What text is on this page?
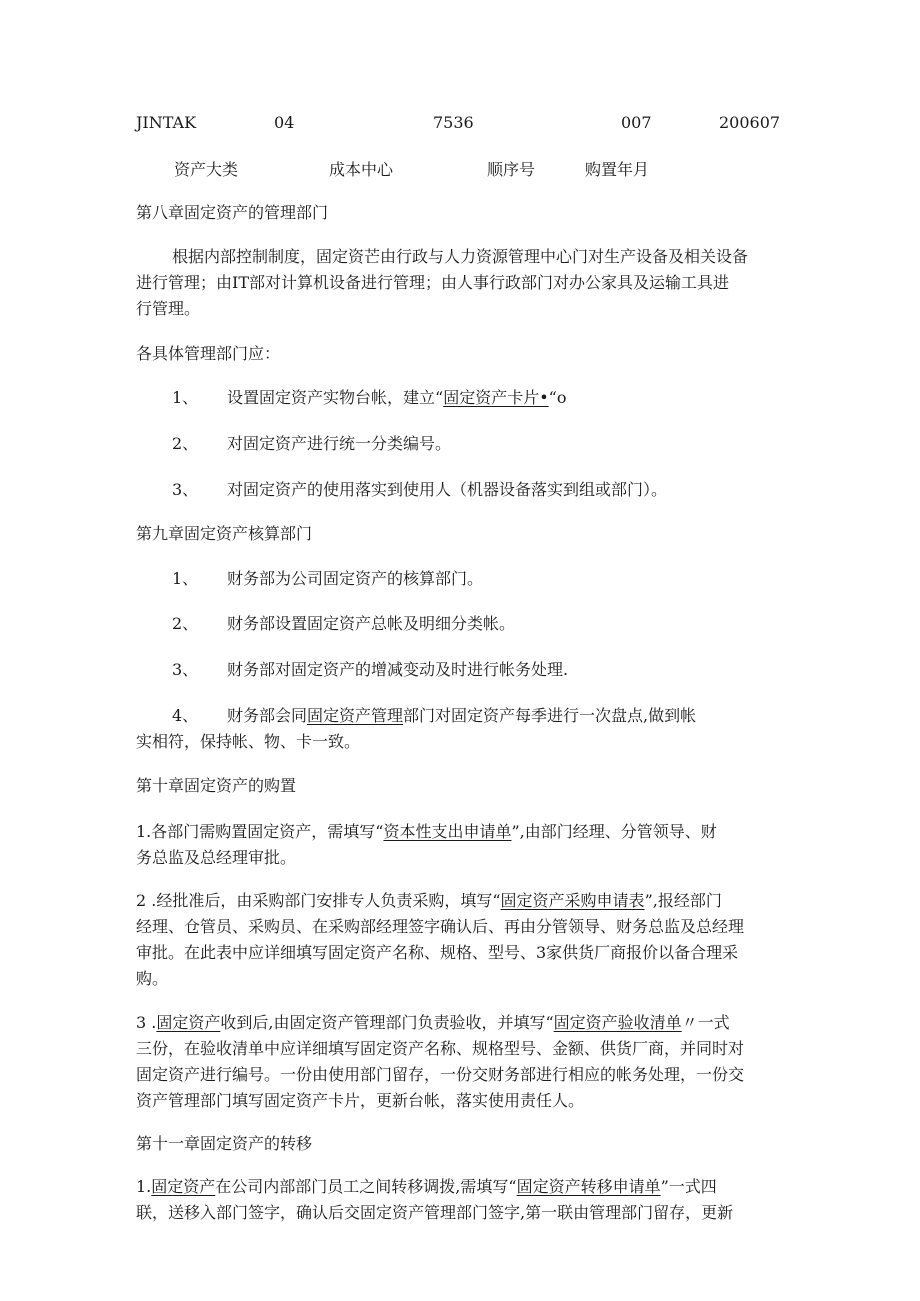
JINTAK	04	7536	007	200607
资产大类	成本中心	顺序号	购置年月
第八章固定资产的管理部门
根据内部控制制度，固定资芒由行政与人力资源管理中心门对生产设备及相关设备
进行管理；由IT部对计算机设备进行管理；由人事行政部门对办公家具及运输工具进
行管理。
各具体管理部门应：
1、 设置固定资产实物台帐，建立“固定资产卡片•“o
2、 对固定资产进行统一分类编号。
3、 对固定资产的使用落实到使用人（机器设备落实到组或部门）。
第九章固定资产核算部门
1、 财务部为公司固定资产的核算部门。
2、 财务部设置固定资产总帐及明细分类帐。
3、 财务部对固定资产的增减变动及时进行帐务处理.
4、 财务部会同固定资产管理部门对固定资产每季进行一次盘点,做到帐
实相符，保持帐、物、卡一致。
第十章固定资产的购置
1.各部门需购置固定资产，需填写“资本性支出申请单”,由部门经理、分管领导、财
务总监及总经理审批。
2 .经批准后，由采购部门安排专人负责采购，填写“固定资产采购申请表”,报经部门
经理、仓管员、采购员、在采购部经理签字确认后、再由分管领导、财务总监及总经理
审批。在此表中应详细填写固定资产名称、规格、型号、3家供货厂商报价以备合理采
购。
3 .固定资产收到后,由固定资产管理部门负责验收，并填写“固定资产验收清单〃一式
三份，在验收清单中应详细填写固定资产名称、规格型号、金额、供货厂商，并同时对
固定资产进行编号。一份由使用部门留存，一份交财务部进行相应的帐务处理，一份交
资产管理部门填写固定资产卡片，更新台帐，落实使用责任人。
第十一章固定资产的转移
1.固定资产在公司内部部门员工之间转移调拨,需填写“固定资产转移申请单”一式四
联，送移入部门签字，确认后交固定资产管理部门签字,第一联由管理部门留存，更新
